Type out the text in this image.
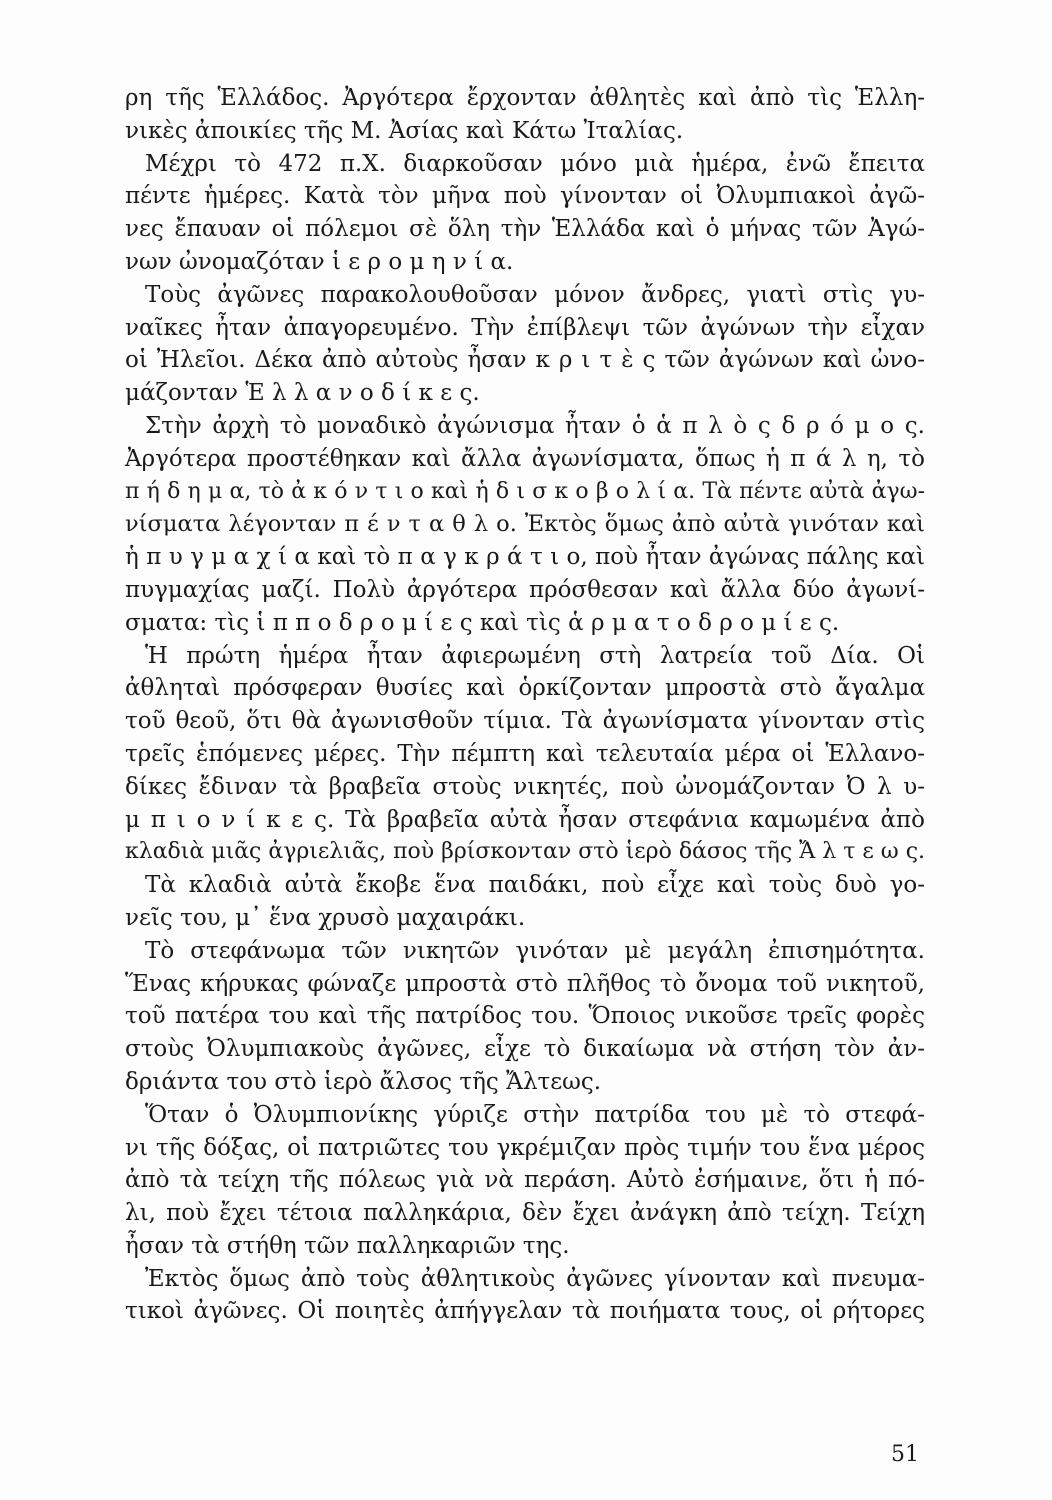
ρη τῆς Ἑλλάδος. Ἀργότερα ἔρχονταν ἀθλητὲς καὶ ἀπὸ τὶς Ἑλλη-
νικὲς ἀποικίες τῆς Μ. Ἀσίας καὶ Κάτω Ἰταλίας.
Μέχρι τὸ 472 π.Χ. διαρκοῦσαν μόνο μιὰ ἡμέρα, ἐνῶ ἔπειτα
πέντε ἡμέρες. Κατὰ τὸν μῆνα ποὺ γίνονταν οἱ Ὀλυμπιακοὶ ἀγῶ-
νες ἔπαυαν οἱ πόλεμοι σὲ ὅλη τὴν Ἑλλάδα καὶ ὁ μήνας τῶν Ἀγώ-
νων ὠνομαζόταν ἱ ε ρ ο μ η ν ί α.
Τοὺς ἀγῶνες παρακολουθοῦσαν μόνον ἄνδρες, γιατὶ στὶς γυ-
ναῖκες ἦταν ἀπαγορευμένο. Τὴν ἐπίβλεψι τῶν ἀγώνων τὴν εἶχαν
οἱ Ἠλεῖοι. Δέκα ἀπὸ αὐτοὺς ἦσαν κ ρ ι τ ὲ ς τῶν ἀγώνων καὶ ὠνο-
μάζονταν Ἑ λ λ α ν ο δ ί κ ε ς.
Στὴν ἀρχὴ τὸ μοναδικὸ ἀγώνισμα ἦταν ὁ ἁ π λ ὸ ς δ ρ ό μ ο ς.
Ἀργότερα προστέθηκαν καὶ ἄλλα ἀγωνίσματα, ὅπως ἡ π ά λ η, τὸ
π ή δ η μ α, τὸ ἀ κ ό ν τ ι ο καὶ ἡ δ ι σ κ ο β ο λ ί α. Τὰ πέντε αὐτὰ ἀγω-
νίσματα λέγονταν π έ ν τ α θ λ ο. Ἐκτὸς ὅμως ἀπὸ αὐτὰ γινόταν καὶ
ἡ π υ γ μ α χ ί α καὶ τὸ π α γ κ ρ ά τ ι ο, ποὺ ἦταν ἀγώνας πάλης καὶ
πυγμαχίας μαζί. Πολὺ ἀργότερα πρόσθεσαν καὶ ἄλλα δύο ἀγωνί-
σματα: τὶς ἱ π π ο δ ρ ο μ ί ε ς καὶ τὶς ἁ ρ μ α τ ο δ ρ ο μ ί ε ς.
Ἡ πρώτη ἡμέρα ἦταν ἀφιερωμένη στὴ λατρεία τοῦ Δία. Οἱ
ἀθληταὶ πρόσφεραν θυσίες καὶ ὁρκίζονταν μπροστὰ στὸ ἄγαλμα
τοῦ θεοῦ, ὅτι θὰ ἀγωνισθοῦν τίμια. Τὰ ἀγωνίσματα γίνονταν στὶς
τρεῖς ἑπόμενες μέρες. Τὴν πέμπτη καὶ τελευταία μέρα οἱ Ἑλλανο-
δίκες ἔδιναν τὰ βραβεῖα στοὺς νικητές, ποὺ ὠνομάζονταν Ὀ λ υ-
μ π ι ο ν ί κ ε ς. Τὰ βραβεῖα αὐτὰ ἦσαν στεφάνια καμωμένα ἀπὸ
κλαδιὰ μιᾶς ἀγριελιᾶς, ποὺ βρίσκονταν στὸ ἱερὸ δάσος τῆς Ἄ λ τ ε ω ς.
Τὰ κλαδιὰ αὐτὰ ἔκοβε ἕνα παιδάκι, ποὺ εἶχε καὶ τοὺς δυὸ γο-
νεῖς του, μ᾽ ἕνα χρυσὸ μαχαιράκι.
Τὸ στεφάνωμα τῶν νικητῶν γινόταν μὲ μεγάλη ἐπισημότητα.
Ἕνας κήρυκας φώναζε μπροστὰ στὸ πλῆθος τὸ ὄνομα τοῦ νικητοῦ,
τοῦ πατέρα του καὶ τῆς πατρίδος του. Ὅποιος νικοῦσε τρεῖς φορὲς
στοὺς Ὀλυμπιακοὺς ἀγῶνες, εἶχε τὸ δικαίωμα νὰ στήση τὸν ἀν-
δριάντα του στὸ ἱερὸ ἄλσος τῆς Ἄλτεως.
Ὅταν ὁ Ὀλυμπιονίκης γύριζε στὴν πατρίδα του μὲ τὸ στεφά-
νι τῆς δόξας, οἱ πατριῶτες του γκρέμιζαν πρὸς τιμήν του ἕνα μέρος
ἀπὸ τὰ τείχη τῆς πόλεως γιὰ νὰ περάση. Αὐτὸ ἐσήμαινε, ὅτι ἡ πό-
λι, ποὺ ἔχει τέτοια παλληκάρια, δὲν ἔχει ἀνάγκη ἀπὸ τείχη. Τείχη
ἦσαν τὰ στήθη τῶν παλληκαριῶν της.
Ἐκτὸς ὅμως ἀπὸ τοὺς ἀθλητικοὺς ἀγῶνες γίνονταν καὶ πνευμα-
τικοὶ ἀγῶνες. Οἱ ποιητὲς ἀπήγγελαν τὰ ποιήματα τους, οἱ ρήτορες
51
